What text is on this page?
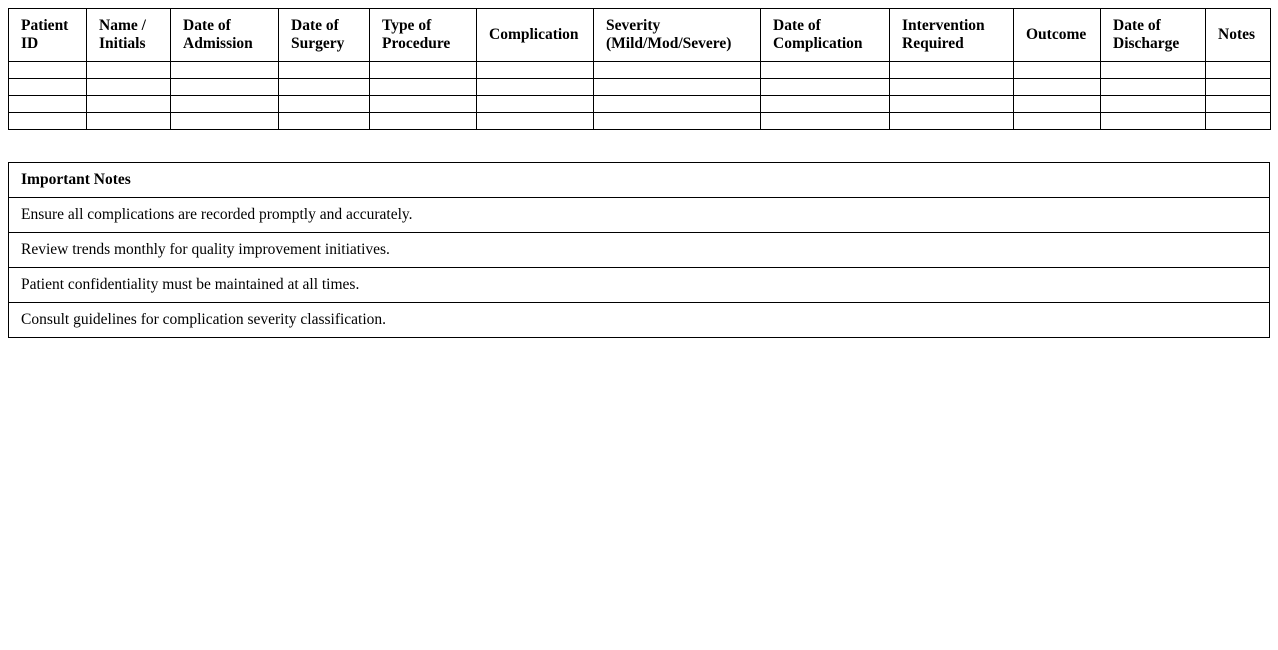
Patient ID	Name / Initials	Date of Admission	Date of Surgery	Type of Procedure	Complication	Severity (Mild/Mod/Severe)	Date of Complication	Intervention Required	Outcome	Date of Discharge	Notes

Important Notes
Ensure all complications are recorded promptly and accurately.
Review trends monthly for quality improvement initiatives.
Patient confidentiality must be maintained at all times.
Consult guidelines for complication severity classification.
